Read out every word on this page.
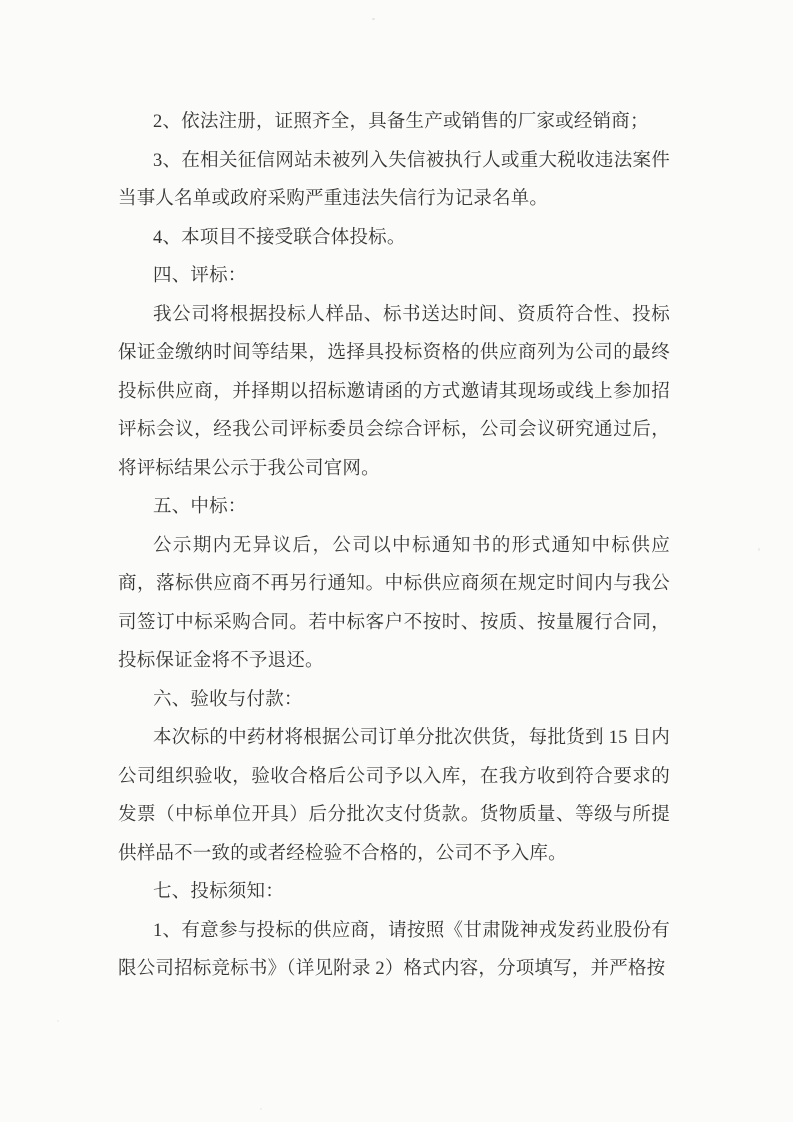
2、依法注册，证照齐全，具备生产或销售的厂家或经销商；

3、在相关征信网站未被列入失信被执行人或重大税收违法案件当事人名单或政府采购严重违法失信行为记录名单。

4、本项目不接受联合体投标。

四、评标：

我公司将根据投标人样品、标书送达时间、资质符合性、投标保证金缴纳时间等结果，选择具投标资格的供应商列为公司的最终投标供应商，并择期以招标邀请函的方式邀请其现场或线上参加招评标会议，经我公司评标委员会综合评标，公司会议研究通过后，将评标结果公示于我公司官网。

五、中标：

公示期内无异议后，公司以中标通知书的形式通知中标供应商，落标供应商不再另行通知。中标供应商须在规定时间内与我公司签订中标采购合同。若中标客户不按时、按质、按量履行合同，投标保证金将不予退还。

六、验收与付款：

本次标的中药材将根据公司订单分批次供货，每批货到 15 日内公司组织验收，验收合格后公司予以入库，在我方收到符合要求的发票（中标单位开具）后分批次支付货款。货物质量、等级与所提供样品不一致的或者经检验不合格的，公司不予入库。

七、投标须知：

1、有意参与投标的供应商，请按照《甘肃陇神戎发药业股份有限公司招标竞标书》（详见附录 2）格式内容，分项填写，并严格按
